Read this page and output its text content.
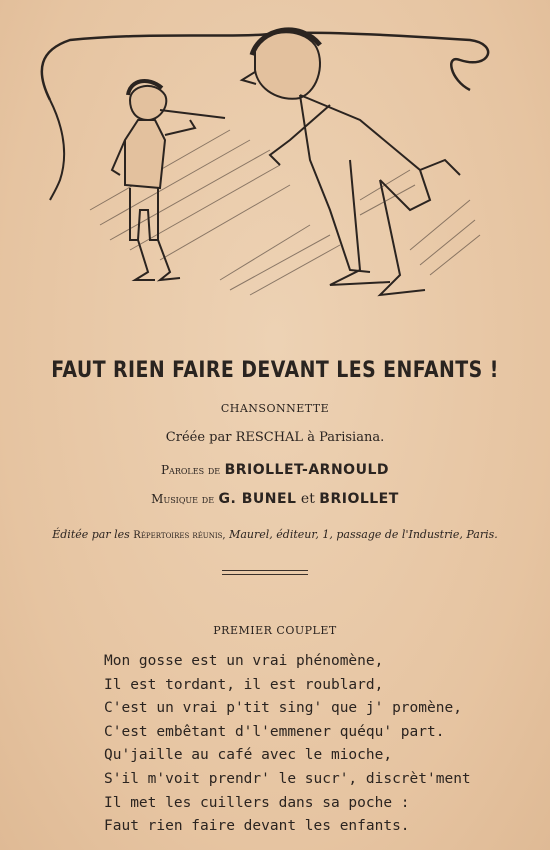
FAUT RIEN FAIRE DEVANT LES ENFANTS !
CHANSONNETTE
Créée par RESCHAL à Parisiana.
Paroles de BRIOLLET-ARNOULD
Musique de G. BUNEL et BRIOLLET
Éditée par les Répertoires réunis, Maurel, éditeur, 1, passage de l'Industrie, Paris.
PREMIER COUPLET
Mon gosse est un vrai phénomène,
Il est tordant, il est roublard,
C'est un vrai p'tit sing' que j' promène,
C'est embêtant d'l'emmener quéqu' part.
Qu'jaille au café avec le mioche,
S'il m'voit prendr' le sucr', discrèt'ment
Il met les cuillers dans sa poche :
Faut rien faire devant les enfants.
